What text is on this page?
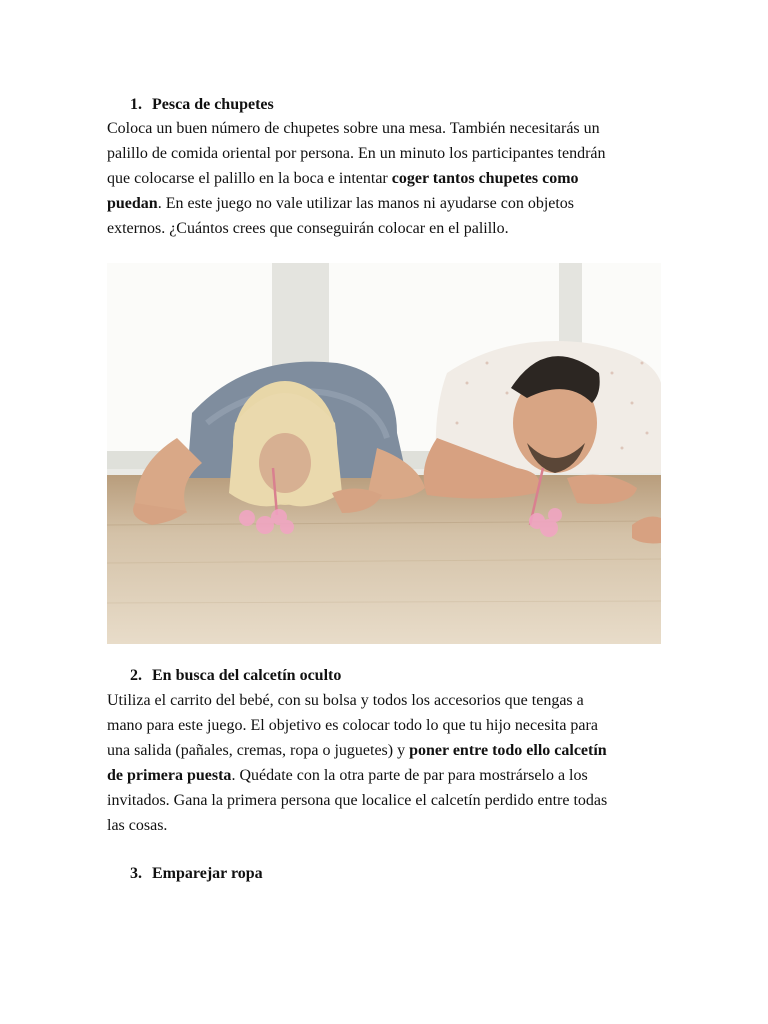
1. Pesca de chupetes
Coloca un buen número de chupetes sobre una mesa. También necesitarás un
palillo de comida oriental por persona. En un minuto los participantes tendrán
que colocarse el palillo en la boca e intentar coger tantos chupetes como
puedan. En este juego no vale utilizar las manos ni ayudarse con objetos
externos. ¿Cuántos crees que conseguirán colocar en el palillo.
2. En busca del calcetín oculto
Utiliza el carrito del bebé, con su bolsa y todos los accesorios que tengas a
mano para este juego. El objetivo es colocar todo lo que tu hijo necesita para
una salida (pañales, cremas, ropa o juguetes) y poner entre todo ello calcetín
de primera puesta. Quédate con la otra parte de par para mostrárselo a los
invitados. Gana la primera persona que localice el calcetín perdido entre todas
las cosas.
3. Emparejar ropa
